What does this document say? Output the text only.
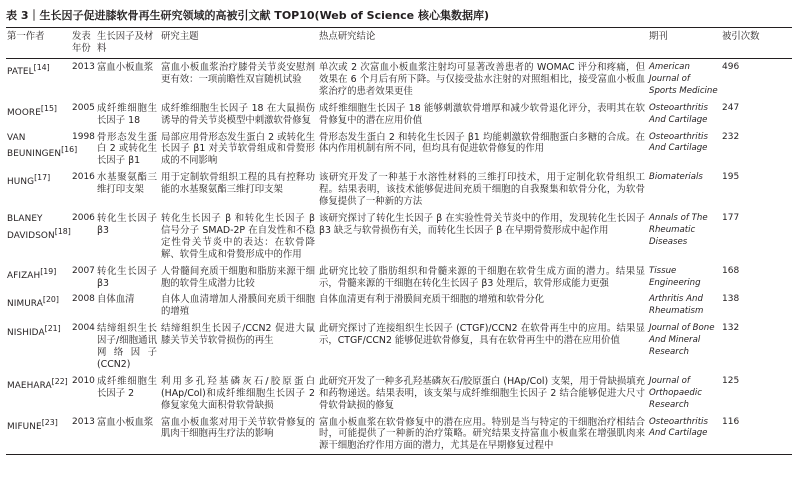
表 3｜生长因子促进膝软骨再生研究领域的高被引文献 TOP10(Web of Science 核心集数据库)
第一作者	发表年份	生长因子及材料	研究主题	热点研究结论	期刊	被引次数
PATEL[14]	2013	富血小板血浆	富血小板血浆治疗膝骨关节炎安慰剂更有效：一项前瞻性双盲随机试验	单次或 2 次富血小板血浆注射均可显著改善患者的 WOMAC 评分和疼痛，但效果在 6 个月后有所下降。与仅接受盐水注射的对照组相比，接受富血小板血浆治疗的患者效果更佳	American Journal of Sports Medicine	496
MOORE[15]	2005	成纤维细胞生长因子 18	成纤维细胞生长因子 18 在大鼠损伤诱导的骨关节炎模型中刺激软骨修复	成纤维细胞生长因子 18 能够刺激软骨增厚和减少软骨退化评分，表明其在软骨修复中的潜在应用价值	Osteoarthritis And Cartilage	247
VAN BEUNINGEN[16]	1998	骨形态发生蛋白 2 或转化生长因子 β1	局部应用骨形态发生蛋白 2 或转化生长因子 β1 对关节软骨组成和骨赘形成的不同影响	骨形态发生蛋白 2 和转化生长因子 β1 均能刺激软骨细胞蛋白多糖的合成。在体内作用机制有所不同，但均具有促进软骨修复的作用	Osteoarthritis And Cartilage	232
HUNG[17]	2016	水基聚氨酯三维打印支架	用于定制软骨组织工程的具有控释功能的水基聚氨酯三维打印支架	该研究开发了一种基于水溶性材料的三维打印技术，用于定制化软骨组织工程。结果表明，该技术能够促进间充质干细胞的自我聚集和软骨分化，为软骨修复提供了一种新的方法	Biomaterials	195
BLANEY DAVIDSON[18]	2006	转化生长因子 β3	转化生长因子 β 和转化生长因子 β 信号分子 SMAD-2P 在自发性和不稳定性骨关节炎中的表达：在软骨降解、软骨生成和骨赘形成中的作用	该研究探讨了转化生长因子 β 在实验性骨关节炎中的作用，发现转化生长因子 β3 缺乏与软骨损伤有关，而转化生长因子 β 在早期骨赘形成中起作用	Annals of The Rheumatic Diseases	177
AFIZAH[19]	2007	转化生长因子 β3	人骨髓间充质干细胞和脂肪来源干细胞的软骨生成潜力比较	此研究比较了脂肪组织和骨髓来源的干细胞在软骨生成方面的潜力。结果显示，骨髓来源的干细胞在转化生长因子 β3 处理后，软骨形成能力更强	Tissue Engineering	168
NIMURA[20]	2008	自体血清	自体人血清增加人滑膜间充质干细胞的增殖	自体血清更有利于滑膜间充质干细胞的增殖和软骨分化	Arthritis And Rheumatism	138
NISHIDA[21]	2004	结缔组织生长因子/细胞通讯网络因子(CCN2)	结缔组织生长因子/CCN2 促进大鼠膝关节关节软骨损伤的再生	此研究探讨了连接组织生长因子 (CTGF)/CCN2 在软骨再生中的应用。结果显示，CTGF/CCN2 能够促进软骨修复，具有在软骨再生中的潜在应用价值	Journal of Bone And Mineral Research	132
MAEHARA[22]	2010	成纤维细胞生长因子 2	利用多孔羟基磷灰石/胶原蛋白(HAp/Col)和成纤维细胞生长因子 2 修复家兔大面积骨软骨缺损	此研究开发了一种多孔羟基磷灰石/胶原蛋白 (HAp/Col) 支架，用于骨缺损填充和药物递送。结果表明，该支架与成纤维细胞生长因子 2 结合能够促进大尺寸骨软骨缺损的修复	Journal of Orthopaedic Research	125
MIFUNE[23]	2013	富血小板血浆	富血小板血浆对用于关节软骨修复的肌肉干细胞再生疗法的影响	富血小板血浆在软骨修复中的潜在应用。特别是当与特定的干细胞治疗相结合时，可能提供了一种新的治疗策略。研究结果支持富血小板血浆在增强肌肉来源干细胞治疗作用方面的潜力，尤其是在早期修复过程中	Osteoarthritis And Cartilage	116
